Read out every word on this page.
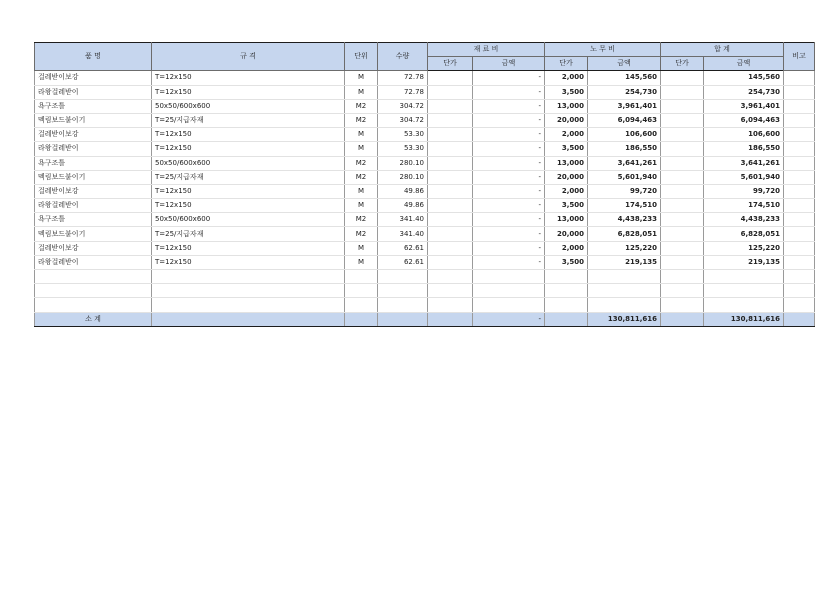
품 명	규 격	단위	수량	재 료 비		노 무 비		합 계		비고
				단가	금액	단가	금액	단가	금액	
걸레받이보강	T=12x150	M	72.78		-	2,000	145,560		145,560	
라왕걸레받이	T=12x150	M	72.78		-	3,500	254,730		254,730	
욕구조틀	50x50/600x600	M2	304.72		-	13,000	3,961,401		3,961,401	
멕림보드붙이기	T=25/지급자재	M2	304.72		-	20,000	6,094,463		6,094,463	
걸레받이보강	T=12x150	M	53.30		-	2,000	106,600		106,600	
라왕걸레받이	T=12x150	M	53.30		-	3,500	186,550		186,550	
욕구조틀	50x50/600x600	M2	280.10		-	13,000	3,641,261		3,641,261	
멕림보드붙이기	T=25/지급자재	M2	280.10		-	20,000	5,601,940		5,601,940	
걸레받이보강	T=12x150	M	49.86		-	2,000	99,720		99,720	
라왕걸레받이	T=12x150	M	49.86		-	3,500	174,510		174,510	
욕구조틀	50x50/600x600	M2	341.40		-	13,000	4,438,233		4,438,233	
멕림보드붙이기	T=25/지급자재	M2	341.40		-	20,000	6,828,051		6,828,051	
걸레받이보강	T=12x150	M	62.61		-	2,000	125,220		125,220	
라왕걸레받이	T=12x150	M	62.61		-	3,500	219,135		219,135	

소 계					-		130,811,616		130,811,616	
